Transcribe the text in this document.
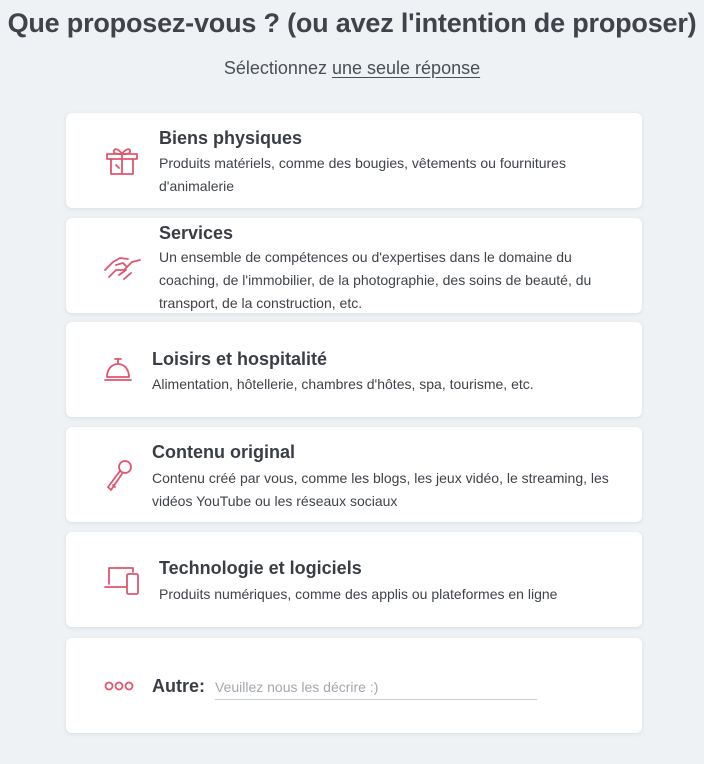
Que proposez-vous ? (ou avez l'intention de proposer)
Sélectionnez une seule réponse
Biens physiques
Produits matériels, comme des bougies, vêtements ou fournitures d'animalerie
Services
Un ensemble de compétences ou d'expertises dans le domaine du coaching, de l'immobilier, de la photographie, des soins de beauté, du transport, de la construction, etc.
Loisirs et hospitalité
Alimentation, hôtellerie, chambres d'hôtes, spa, tourisme, etc.
Contenu original
Contenu créé par vous, comme les blogs, les jeux vidéo, le streaming, les vidéos YouTube ou les réseaux sociaux
Technologie et logiciels
Produits numériques, comme des applis ou plateformes en ligne
Autre:
Veuillez nous les décrire :)
